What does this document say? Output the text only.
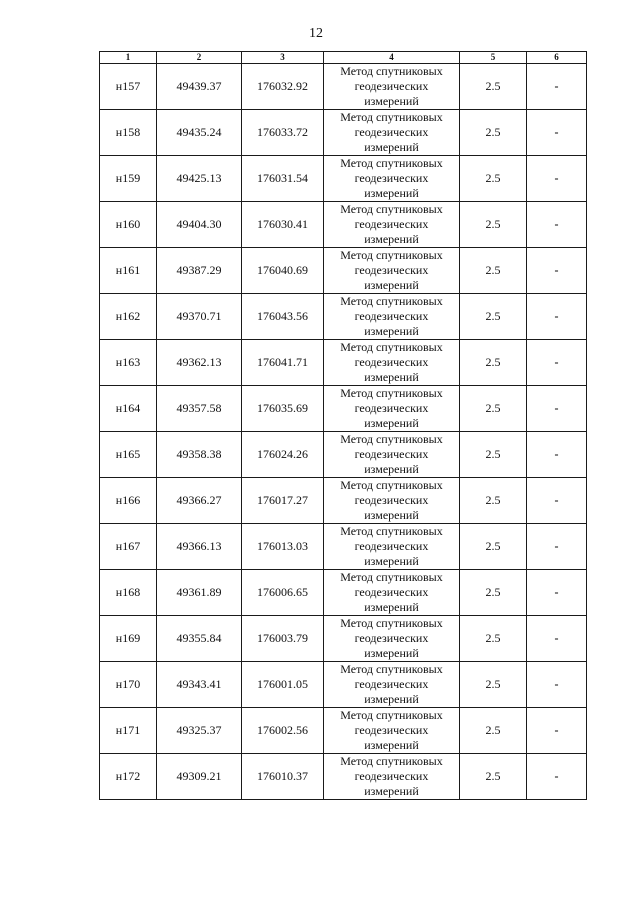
12
1	2	3	4	5	6
н157	49439.37	176032.92	Метод спутниковых
геодезических
измерений	2.5	-
н158	49435.24	176033.72	Метод спутниковых
геодезических
измерений	2.5	-
н159	49425.13	176031.54	Метод спутниковых
геодезических
измерений	2.5	-
н160	49404.30	176030.41	Метод спутниковых
геодезических
измерений	2.5	-
н161	49387.29	176040.69	Метод спутниковых
геодезических
измерений	2.5	-
н162	49370.71	176043.56	Метод спутниковых
геодезических
измерений	2.5	-
н163	49362.13	176041.71	Метод спутниковых
геодезических
измерений	2.5	-
н164	49357.58	176035.69	Метод спутниковых
геодезических
измерений	2.5	-
н165	49358.38	176024.26	Метод спутниковых
геодезических
измерений	2.5	-
н166	49366.27	176017.27	Метод спутниковых
геодезических
измерений	2.5	-
н167	49366.13	176013.03	Метод спутниковых
геодезических
измерений	2.5	-
н168	49361.89	176006.65	Метод спутниковых
геодезических
измерений	2.5	-
н169	49355.84	176003.79	Метод спутниковых
геодезических
измерений	2.5	-
н170	49343.41	176001.05	Метод спутниковых
геодезических
измерений	2.5	-
н171	49325.37	176002.56	Метод спутниковых
геодезических
измерений	2.5	-
н172	49309.21	176010.37	Метод спутниковых
геодезических
измерений	2.5	-
